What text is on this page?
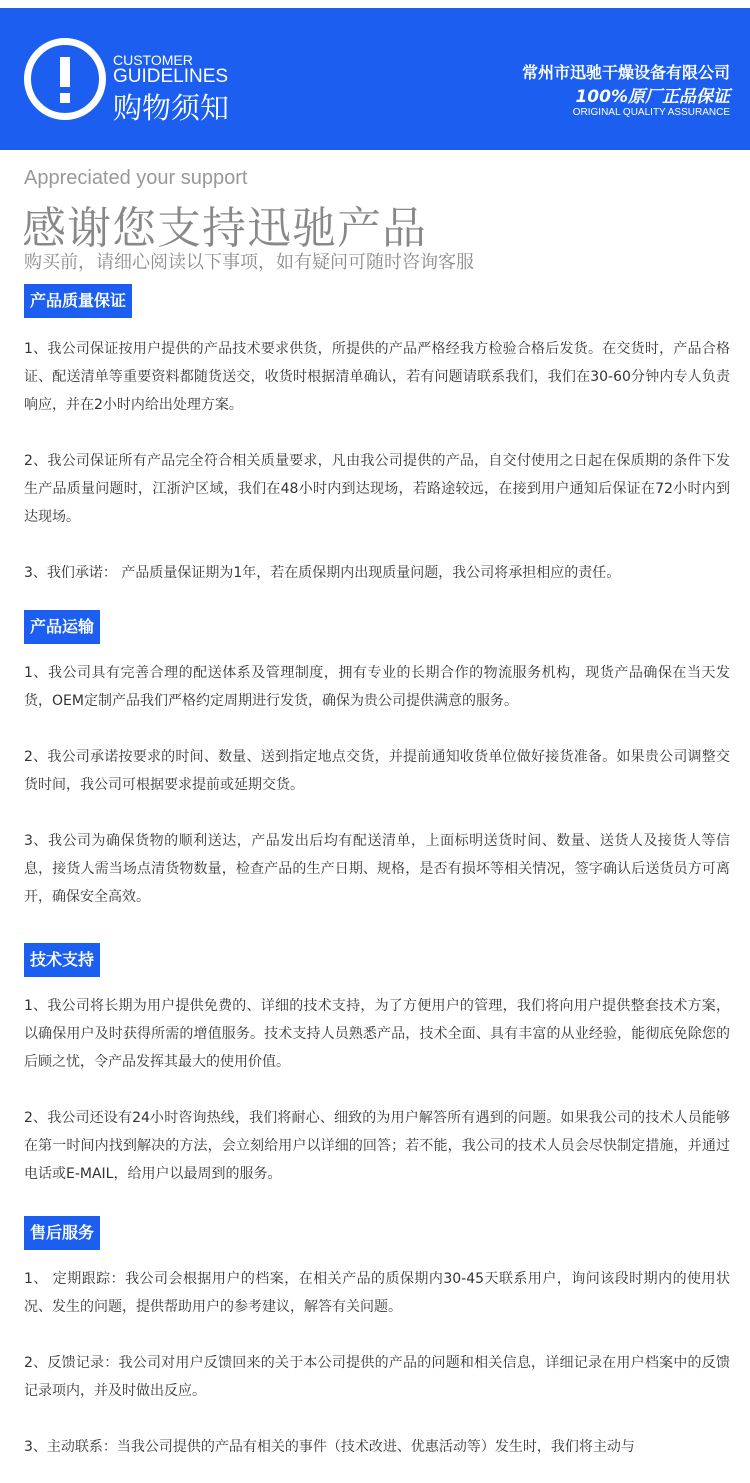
CUSTOMER
GUIDELINES
购物须知
常州市迅驰干燥设备有限公司
100%原厂正品保证
ORIGINAL QUALITY ASSURANCE
Appreciated your support
感谢您支持迅驰产品
购买前，请细心阅读以下事项，如有疑问可随时咨询客服
产品质量保证
1、我公司保证按用户提供的产品技术要求供货，所提供的产品严格经我方检验合格后发货。在交货时，产品合格证、配送清单等重要资料都随货送交，收货时根据清单确认，若有问题请联系我们，我们在30-60分钟内专人负责响应，并在2小时内给出处理方案。
2、我公司保证所有产品完全符合相关质量要求，凡由我公司提供的产品，自交付使用之日起在保质期的条件下发生产品质量问题时，江浙沪区域，我们在48小时内到达现场，若路途较远，在接到用户通知后保证在72小时内到达现场。
3、我们承诺： 产品质量保证期为1年，若在质保期内出现质量问题，我公司将承担相应的责任。
产品运输
1、我公司具有完善合理的配送体系及管理制度，拥有专业的长期合作的物流服务机构，现货产品确保在当天发货，OEM定制产品我们严格约定周期进行发货，确保为贵公司提供满意的服务。
2、我公司承诺按要求的时间、数量、送到指定地点交货，并提前通知收货单位做好接货准备。如果贵公司调整交货时间，我公司可根据要求提前或延期交货。
3、我公司为确保货物的顺利送达，产品发出后均有配送清单，上面标明送货时间、数量、送货人及接货人等信息，接货人需当场点清货物数量，检查产品的生产日期、规格，是否有损坏等相关情况，签字确认后送货员方可离开，确保安全高效。
技术支持
1、我公司将长期为用户提供免费的、详细的技术支持，为了方便用户的管理，我们将向用户提供整套技术方案，以确保用户及时获得所需的增值服务。技术支持人员熟悉产品，技术全面、具有丰富的从业经验，能彻底免除您的后顾之忧，令产品发挥其最大的使用价值。
2、我公司还设有24小时咨询热线，我们将耐心、细致的为用户解答所有遇到的问题。如果我公司的技术人员能够在第一时间内找到解决的方法，会立刻给用户以详细的回答；若不能，我公司的技术人员会尽快制定措施，并通过电话或E-MAIL，给用户以最周到的服务。
售后服务
1、 定期跟踪：我公司会根据用户的档案，在相关产品的质保期内30-45天联系用户，询问该段时期内的使用状况、发生的问题，提供帮助用户的参考建议，解答有关问题。
2、反馈记录：我公司对用户反馈回来的关于本公司提供的产品的问题和相关信息，详细记录在用户档案中的反馈记录项内，并及时做出反应。
3、主动联系：当我公司提供的产品有相关的事件（技术改进、优惠活动等）发生时，我们将主动与
